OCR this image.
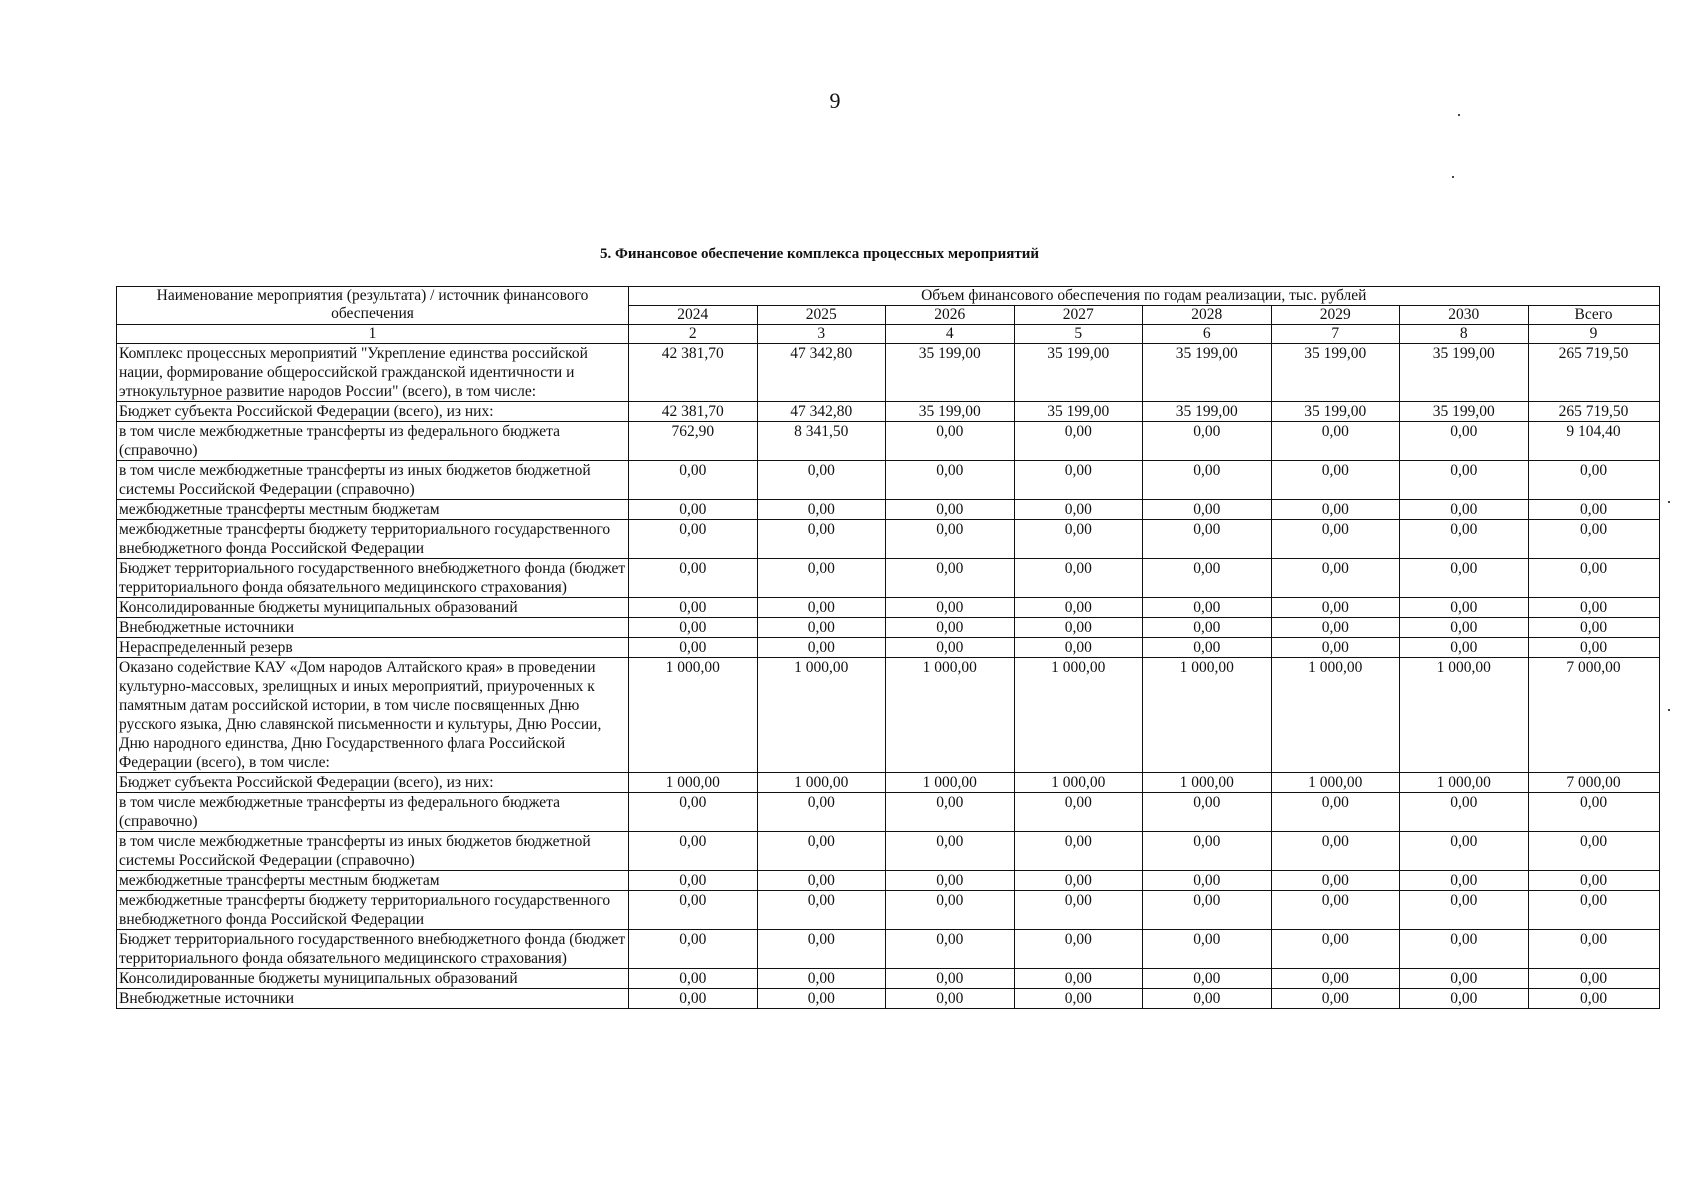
9
5. Финансовое обеспечение комплекса процессных мероприятий
Наименование мероприятия (результата) / источник финансового обеспечения	Объем финансового обеспечения по годам реализации, тыс. рублей							
	2024	2025	2026	2027	2028	2029	2030	Всего
1	2	3	4	5	6	7	8	9
Комплекс процессных мероприятий "Укрепление единства российской нации, формирование общероссийской гражданской идентичности и этнокультурное развитие народов России" (всего), в том числе:	42 381,70	47 342,80	35 199,00	35 199,00	35 199,00	35 199,00	35 199,00	265 719,50
Бюджет субъекта Российской Федерации (всего), из них:	42 381,70	47 342,80	35 199,00	35 199,00	35 199,00	35 199,00	35 199,00	265 719,50
в том числе межбюджетные трансферты из федерального бюджета (справочно)	762,90	8 341,50	0,00	0,00	0,00	0,00	0,00	9 104,40
в том числе межбюджетные трансферты из иных бюджетов бюджетной системы Российской Федерации (справочно)	0,00	0,00	0,00	0,00	0,00	0,00	0,00	0,00
межбюджетные трансферты местным бюджетам	0,00	0,00	0,00	0,00	0,00	0,00	0,00	0,00
межбюджетные трансферты бюджету территориального государственного внебюджетного фонда Российской Федерации	0,00	0,00	0,00	0,00	0,00	0,00	0,00	0,00
Бюджет территориального государственного внебюджетного фонда (бюджет территориального фонда обязательного медицинского страхования)	0,00	0,00	0,00	0,00	0,00	0,00	0,00	0,00
Консолидированные бюджеты муниципальных образований	0,00	0,00	0,00	0,00	0,00	0,00	0,00	0,00
Внебюджетные источники	0,00	0,00	0,00	0,00	0,00	0,00	0,00	0,00
Нераспределенный резерв	0,00	0,00	0,00	0,00	0,00	0,00	0,00	0,00
Оказано содействие КАУ «Дом народов Алтайского края» в проведении культурно-массовых, зрелищных и иных мероприятий, приуроченных к памятным датам российской истории, в том числе посвященных Дню русского языка, Дню славянской письменности и культуры, Дню России, Дню народного единства, Дню Государственного флага Российской Федерации (всего), в том числе:	1 000,00	1 000,00	1 000,00	1 000,00	1 000,00	1 000,00	1 000,00	7 000,00
Бюджет субъекта Российской Федерации (всего), из них:	1 000,00	1 000,00	1 000,00	1 000,00	1 000,00	1 000,00	1 000,00	7 000,00
в том числе межбюджетные трансферты из федерального бюджета (справочно)	0,00	0,00	0,00	0,00	0,00	0,00	0,00	0,00
в том числе межбюджетные трансферты из иных бюджетов бюджетной системы Российской Федерации (справочно)	0,00	0,00	0,00	0,00	0,00	0,00	0,00	0,00
межбюджетные трансферты местным бюджетам	0,00	0,00	0,00	0,00	0,00	0,00	0,00	0,00
межбюджетные трансферты бюджету территориального государственного внебюджетного фонда Российской Федерации	0,00	0,00	0,00	0,00	0,00	0,00	0,00	0,00
Бюджет территориального государственного внебюджетного фонда (бюджет территориального фонда обязательного медицинского страхования)	0,00	0,00	0,00	0,00	0,00	0,00	0,00	0,00
Консолидированные бюджеты муниципальных образований	0,00	0,00	0,00	0,00	0,00	0,00	0,00	0,00
Внебюджетные источники	0,00	0,00	0,00	0,00	0,00	0,00	0,00	0,00
